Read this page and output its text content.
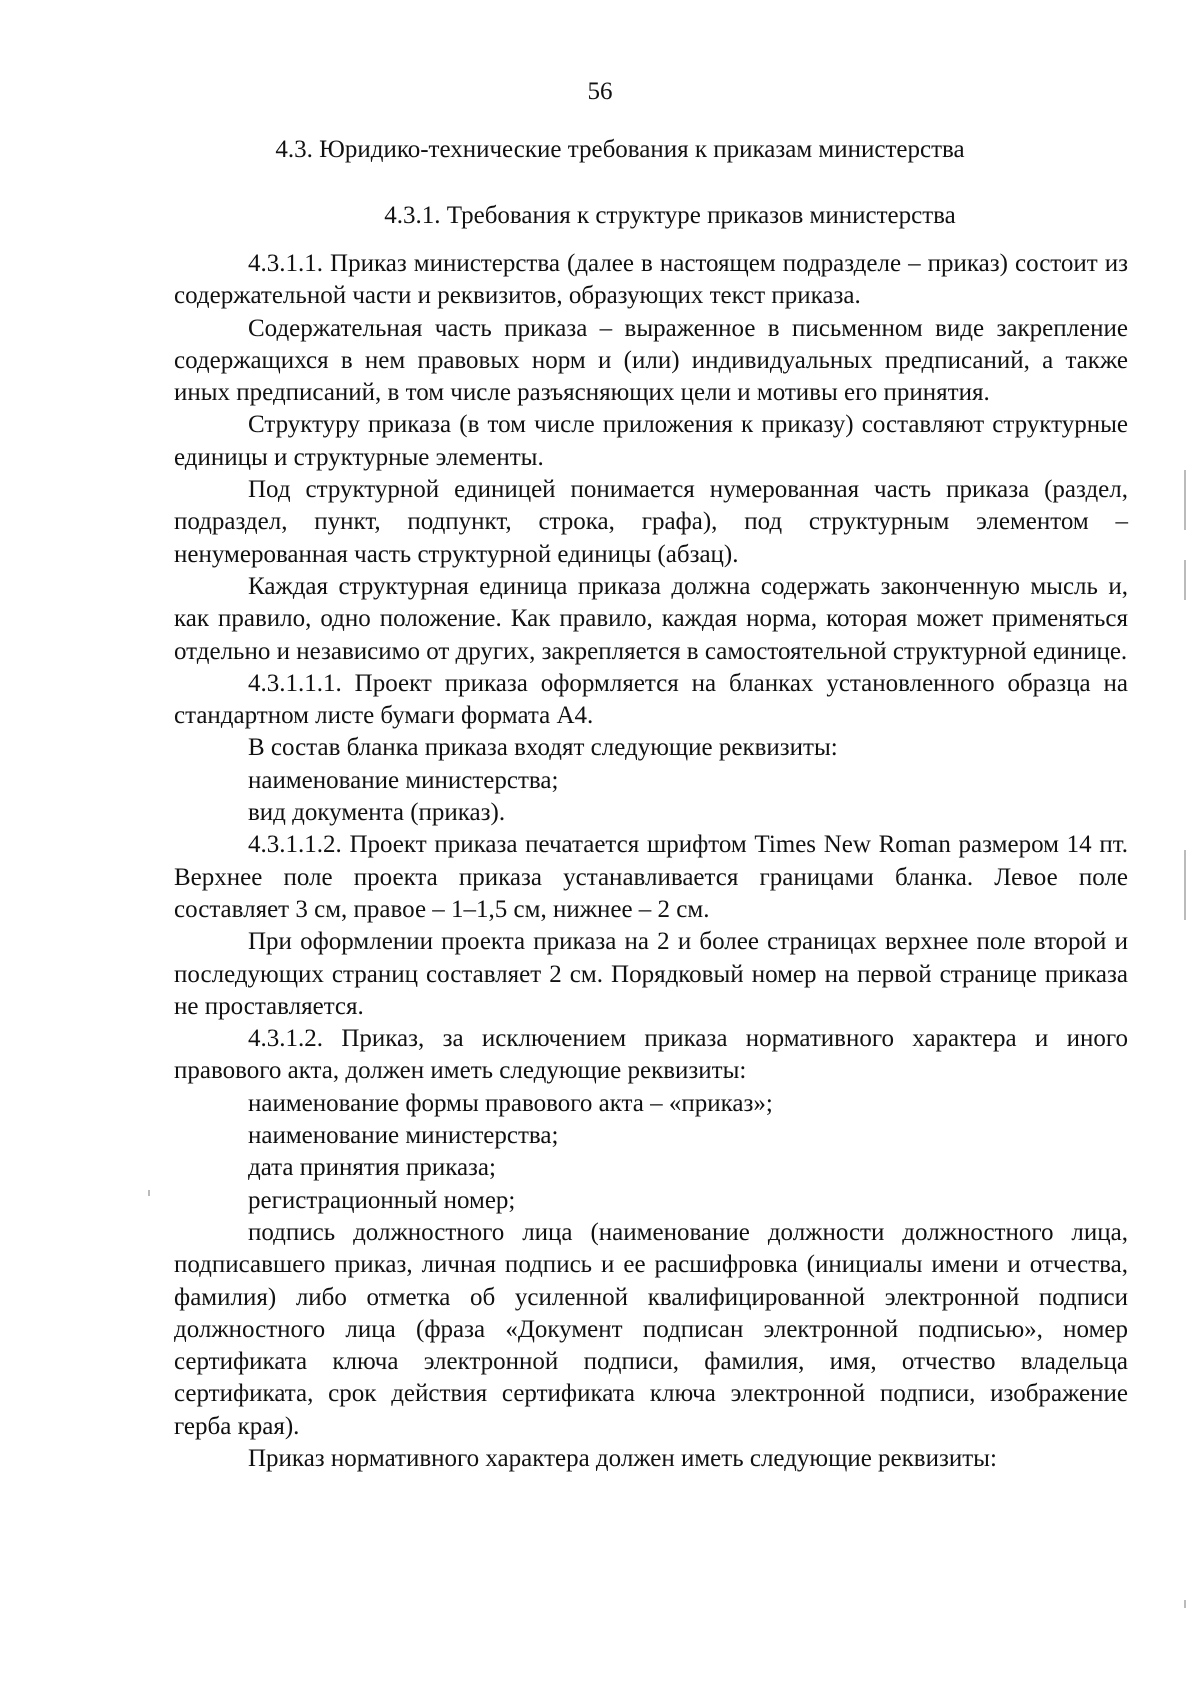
56

4.3. Юридико-технические требования к приказам министерства
4.3.1. Требования к структуре приказов министерства

4.3.1.1. Приказ министерства (далее в настоящем подразделе – приказ) состоит из содержательной части и реквизитов, образующих текст приказа.

Содержательная часть приказа – выраженное в письменном виде закрепление содержащихся в нем правовых норм и (или) индивидуальных предписаний, а также иных предписаний, в том числе разъясняющих цели и мотивы его принятия.

Структуру приказа (в том числе приложения к приказу) составляют структурные единицы и структурные элементы.

Под структурной единицей понимается нумерованная часть приказа (раздел, подраздел, пункт, подпункт, строка, графа), под структурным элементом – ненумерованная часть структурной единицы (абзац).

Каждая структурная единица приказа должна содержать законченную мысль и, как правило, одно положение. Как правило, каждая норма, которая может применяться отдельно и независимо от других, закрепляется в самостоятельной структурной единице.

4.3.1.1.1. Проект приказа оформляется на бланках установленного образца на стандартном листе бумаги формата А4.

В состав бланка приказа входят следующие реквизиты:

наименование министерства;

вид документа (приказ).

4.3.1.1.2. Проект приказа печатается шрифтом Times New Roman размером 14 пт. Верхнее поле проекта приказа устанавливается границами бланка. Левое поле составляет 3 см, правое – 1–1,5 см, нижнее – 2 см.

При оформлении проекта приказа на 2 и более страницах верхнее поле второй и последующих страниц составляет 2 см. Порядковый номер на первой странице приказа не проставляется.

4.3.1.2. Приказ, за исключением приказа нормативного характера и иного правового акта, должен иметь следующие реквизиты:

наименование формы правового акта – «приказ»;

наименование министерства;

дата принятия приказа;

регистрационный номер;

подпись должностного лица (наименование должности должностного лица, подписавшего приказ, личная подпись и ее расшифровка (инициалы имени и отчества, фамилия) либо отметка об усиленной квалифицированной электронной подписи должностного лица (фраза «Документ подписан электронной подписью», номер сертификата ключа электронной подписи, фамилия, имя, отчество владельца сертификата, срок действия сертификата ключа электронной подписи, изображение герба края).

Приказ нормативного характера должен иметь следующие реквизиты:
